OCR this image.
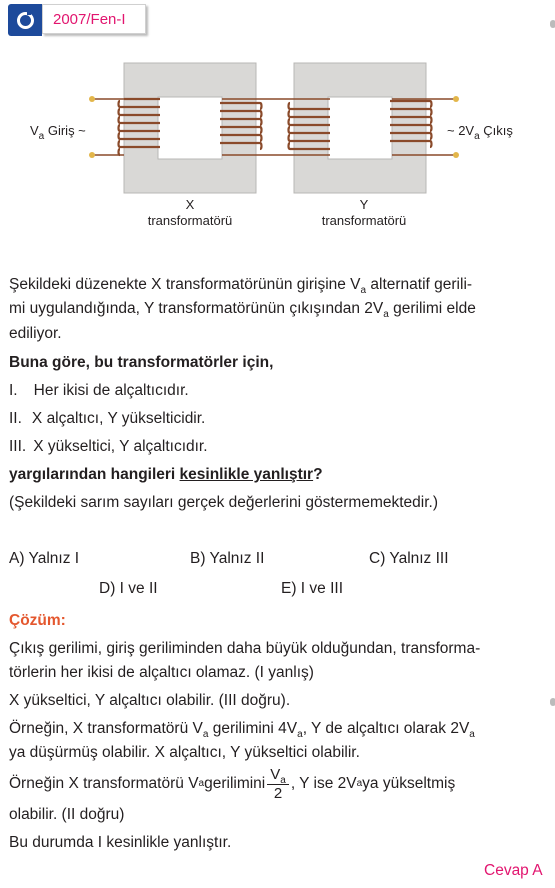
2007/Fen-I
$V_a$ Giriş ~	~ $2V_a$ Çıkış
X
transformatörü
Y
transformatörü
Şekildeki düzenekte X transformatörünün girişine $V_a$ alternatif gerili-
mi uygulandığında, Y transformatörünün çıkışından $2V_a$ gerilimi elde
ediliyor.
Buna göre, bu transformatörler için,
I. Her ikisi de alçaltıcıdır.
II. X alçaltıcı, Y yükselticidir.
III. X yükseltici, Y alçaltıcıdır.
yargılarından hangileri kesinlikle yanlıştır?
(Şekildeki sarım sayıları gerçek değerlerini göstermemektedir.)
A) Yalnız I	B) Yalnız II	C) Yalnız III
D) I ve II	E) I ve III
Çözüm:
Çıkış gerilimi, giriş geriliminden daha büyük olduğundan, transforma-
törlerin her ikisi de alçaltıcı olamaz. (I yanlış)
X yükseltici, Y alçaltıcı olabilir. (III doğru).
Örneğin, X transformatörü $V_a$ gerilimini $4V_a$, Y de alçaltıcı olarak $2V_a$
ya düşürmüş olabilir. X alçaltıcı, Y yükseltici olabilir.
Örneğin X transformatörü V a gerilimini $\frac{V_a}{2}$ , Y ise 2V a ya yükseltmiş
olabilir. (II doğru)
Bu durumda I kesinlikle yanlıştır.
Cevap A
